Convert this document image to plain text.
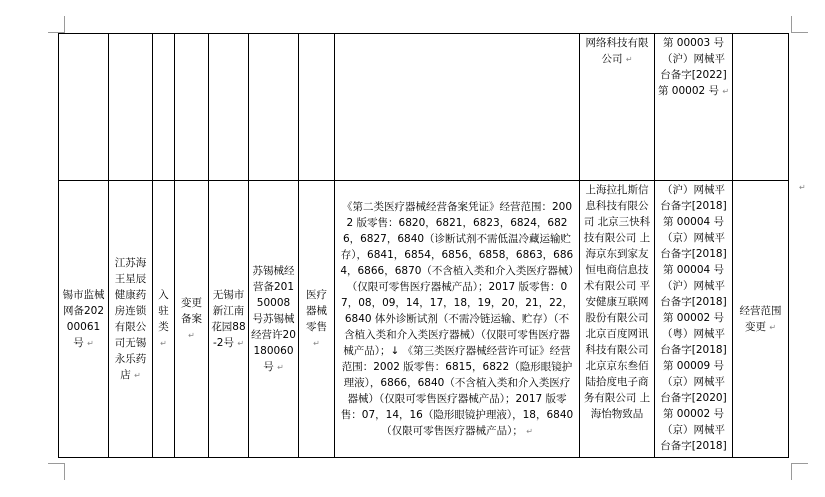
								网络科技有限公司 ↵	第 00003 号（沪）网械平台备字[2022]第 00002 号 ↵	
锡市监械网备20200061 号 ↵	江苏海王星辰健康药房连锁有限公司无锡永乐药店 ↵	入驻类 ↵	变更备案 ↵	无锡市新江南花园88-2号 ↵	苏锡械经营备20150008 号苏锡械经营许20180060 号 ↵	医疗器械零售 ↵	《第二类医疗器械经营备案凭证》经营范围：2002 版零售：6820，6821，6823，6824，6826，6827，6840（诊断试剂不需低温冷藏运输贮存），6841，6854，6856，6858，6863，6864，6866，6870（不含植入类和介入类医疗器械）（仅限可零售医疗器械产品）；2017 版零售：07，08，09，14，17，18，19，20，21，22，6840 体外诊断试剂（不需冷链运输、贮存）（不含植入类和介入类医疗器械）（仅限可零售医疗器械产品）；↓ 《第三类医疗器械经营许可证》经营范围：2002 版零售：6815，6822（隐形眼镜护理液），6866，6840（不含植入类和介入类医疗器械）（仅限可零售医疗器械产品）；2017 版零售：07，14，16（隐形眼镜护理液），18，6840（仅限可零售医疗器械产品）； ↵	上海拉扎斯信息科技有限公司 北京三快科技有限公司 上海京东到家友恒电商信息技术有限公司 平安健康互联网股份有限公司 北京百度网讯科技有限公司 北京京东叁佰陆拾度电子商务有限公司 上海怡物致品	（沪）网械平台备字[2018]第 00004 号（京）网械平台备字[2018]第 00004 号（沪）网械平台备字[2018]第 00002 号（粤）网械平台备字[2018]第 00009 号（京）网械平台备字[2020]第 00002 号（京）网械平台备字[2018]	经营范围变更 ↵
↵
